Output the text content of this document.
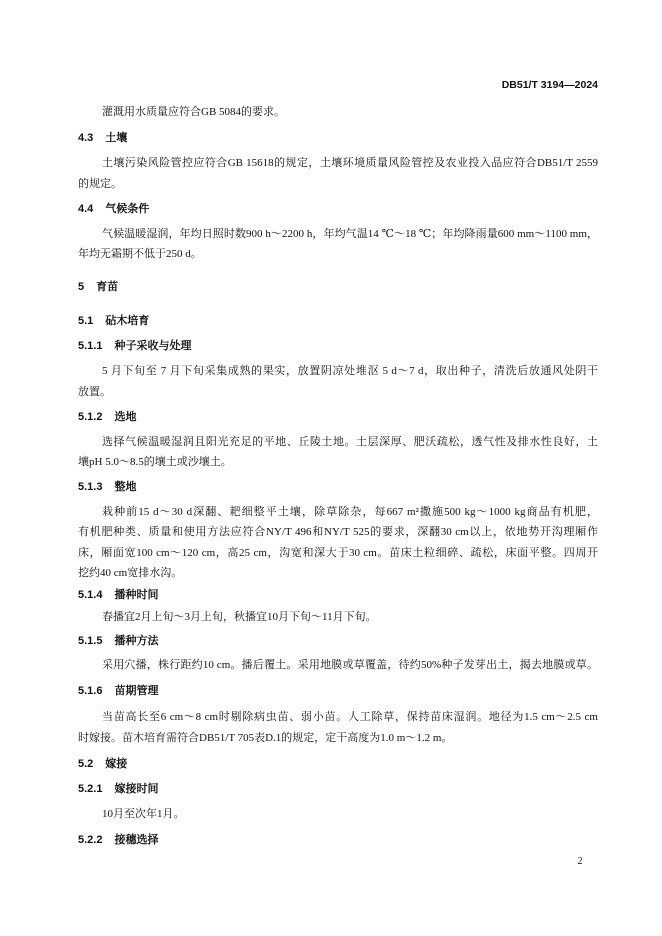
DB51/T 3194—2024
灌溉用水质量应符合GB 5084的要求。
4.3 土壤
土壤污染风险管控应符合GB 15618的规定，土壤环境质量风险管控及农业投入品应符合DB51/T 2559
的规定。
4.4 气候条件
气候温暖湿润，年均日照时数900 h～2200 h，年均气温14 ℃～18 ℃；年均降雨量600 mm～1100 mm，
年均无霜期不低于250 d。
5 育苗
5.1 砧木培育
5.1.1 种子采收与处理
5 月下旬至 7 月下旬采集成熟的果实，放置阴凉处堆沤 5 d～7 d，取出种子，清洗后放通风处阴干
放置。
5.1.2 选地
选择气候温暖湿润且阳光充足的平地、丘陵土地。土层深厚、肥沃疏松，透气性及排水性良好，土
壤pH 5.0～8.5的壤土或沙壤土。
5.1.3 整地
栽种前15 d～30 d深翻、耙细整平土壤，除草除杂，每667 m²撒施500 kg～1000 kg商品有机肥，
有机肥种类、质量和使用方法应符合NY/T 496和NY/T 525的要求，深翻30 cm以上，依地势开沟理厢作
床，厢面宽100 cm～120 cm，高25 cm，沟宽和深大于30 cm。苗床土粒细碎、疏松，床面平整。四周开
挖约40 cm宽排水沟。
5.1.4 播种时间
春播宜2月上旬～3月上旬，秋播宜10月下旬～11月下旬。
5.1.5 播种方法
采用穴播，株行距约10 cm。播后覆土。采用地膜或草覆盖，待约50%种子发芽出土，揭去地膜或草。
5.1.6 苗期管理
当苗高长至6 cm～8 cm时剔除病虫苗、弱小苗。人工除草，保持苗床湿润。地径为1.5 cm～2.5 cm
时嫁接。苗木培育需符合DB51/T 705表D.1的规定，定干高度为1.0 m～1.2 m。
5.2 嫁接
5.2.1 嫁接时间
10月至次年1月。
5.2.2 接穗选择
2
